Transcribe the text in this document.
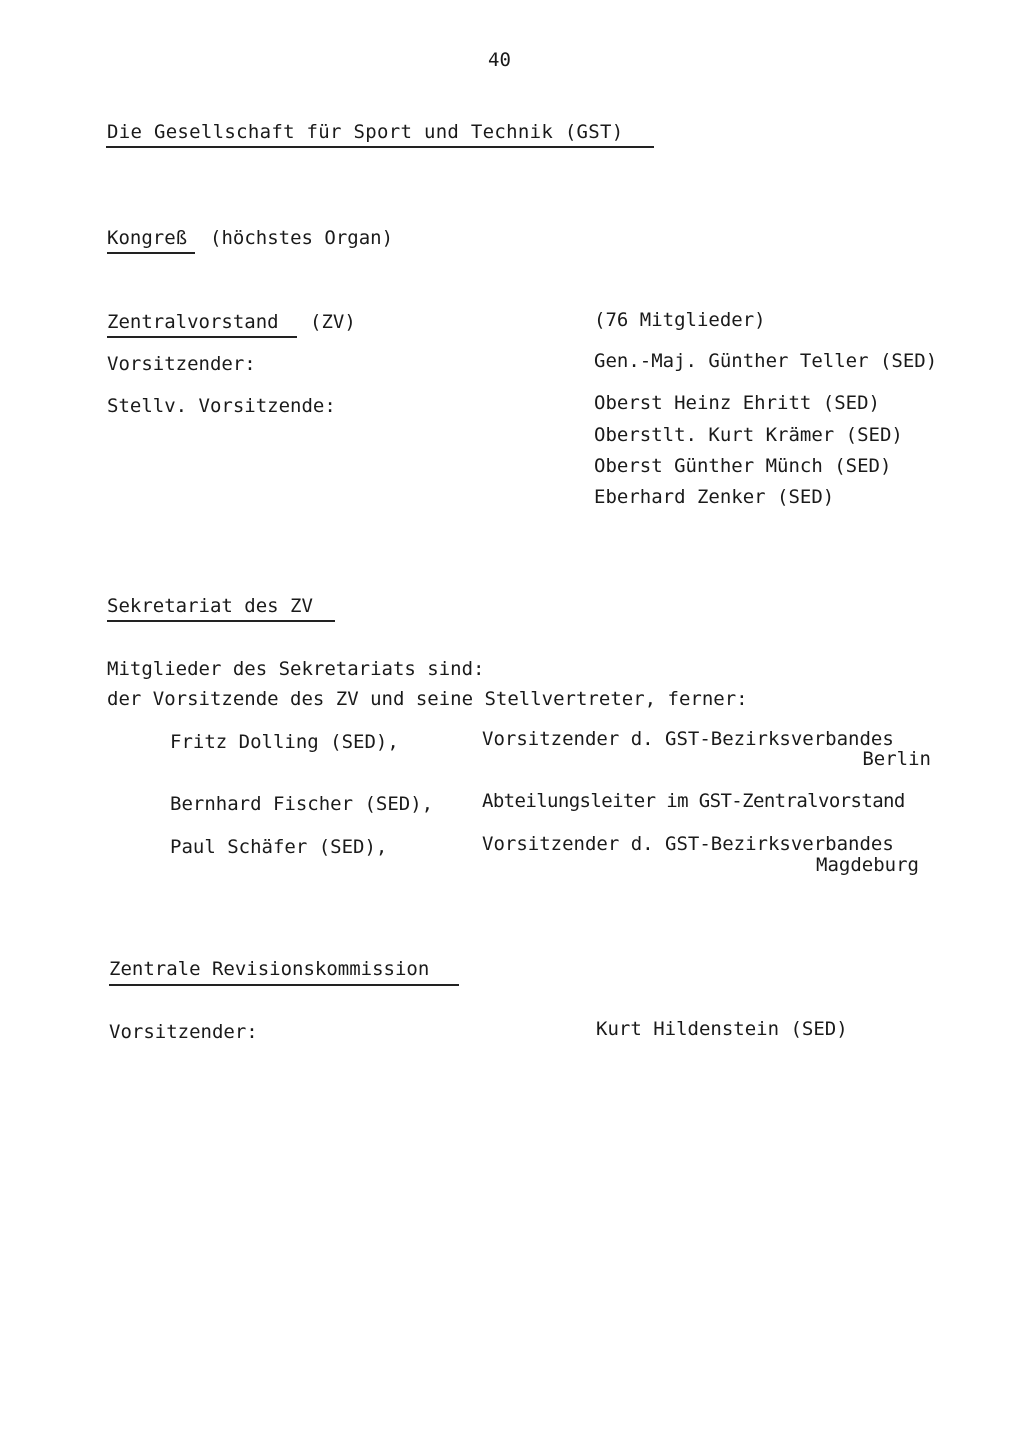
40
Die Gesellschaft für Sport und Technik (GST)
Kongreß (höchstes Organ)
Zentralvorstand (ZV)	(76 Mitglieder)
Vorsitzender:	Gen.-Maj. Günther Teller (SED)
Stellv. Vorsitzende:	Oberst Heinz Ehritt (SED)
Oberstlt. Kurt Krämer (SED)
Oberst Günther Münch (SED)
Eberhard Zenker (SED)
Sekretariat des ZV
Mitglieder des Sekretariats sind:
der Vorsitzende des ZV und seine Stellvertreter, ferner:
Fritz Dolling (SED),	Vorsitzender d. GST-Bezirksverbandes
Berlin
Bernhard Fischer (SED),	Abteilungsleiter im GST-Zentralvorstand
Paul Schäfer (SED),	Vorsitzender d. GST-Bezirksverbandes
Magdeburg
Zentrale Revisionskommission
Vorsitzender:	Kurt Hildenstein (SED)
